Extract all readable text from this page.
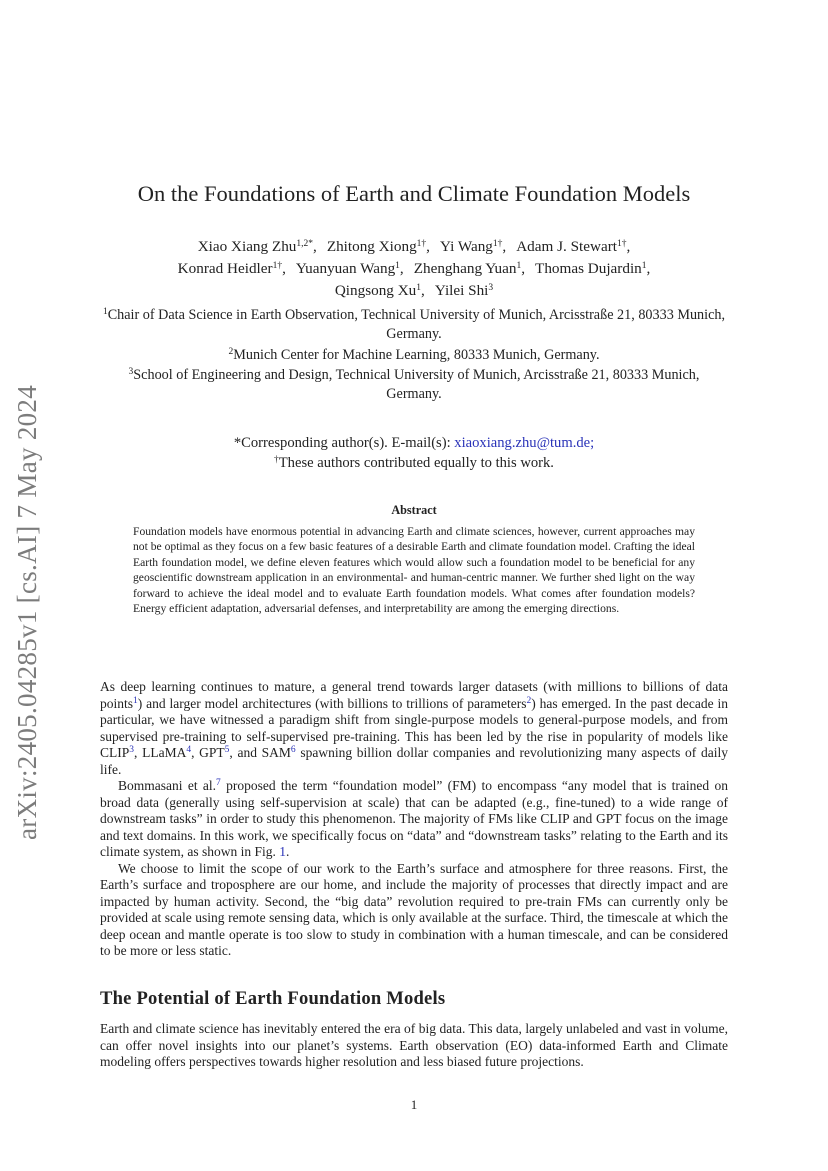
arXiv:2405.04285v1 [cs.AI] 7 May 2024
On the Foundations of Earth and Climate Foundation Models
Xiao Xiang Zhu$^{1,2*}$, Zhitong Xiong$^{1\dagger}$, Yi Wang$^{1\dagger}$, Adam J. Stewart$^{1\dagger}$,
Konrad Heidler$^{1\dagger}$, Yuanyuan Wang$^1$, Zhenghang Yuan$^1$, Thomas Dujardin$^1$,
Qingsong Xu$^1$, Yilei Shi$^3$
$^1$Chair of Data Science in Earth Observation, Technical University of Munich, Arcisstraße 21, 80333 Munich, Germany.
$^2$Munich Center for Machine Learning, 80333 Munich, Germany.
$^3$School of Engineering and Design, Technical University of Munich, Arcisstraße 21, 80333 Munich, Germany.
*Corresponding author(s). E-mail(s): xiaoxiang.zhu@tum.de;
†These authors contributed equally to this work.
Abstract
Foundation models have enormous potential in advancing Earth and climate sciences, however, current approaches may not be optimal as they focus on a few basic features of a desirable Earth and climate foundation model. Crafting the ideal Earth foundation model, we define eleven features which would allow such a foundation model to be beneficial for any geoscientific downstream application in an environmental- and human-centric manner. We further shed light on the way forward to achieve the ideal model and to evaluate Earth foundation models. What comes after foundation models? Energy efficient adaptation, adversarial defenses, and interpretability are among the emerging directions.

As deep learning continues to mature, a general trend towards larger datasets (with millions to billions of data points$^1$) and larger model architectures (with billions to trillions of parameters$^2$) has emerged. In the past decade in particular, we have witnessed a paradigm shift from single-purpose models to general-purpose models, and from supervised pre-training to self-supervised pre-training. This has been led by the rise in popularity of models like CLIP$^3$, LLaMA$^4$, GPT$^5$, and SAM$^6$ spawning billion dollar companies and revolutionizing many aspects of daily life.

Bommasani et al.$^7$ proposed the term “foundation model” (FM) to encompass “any model that is trained on broad data (generally using self-supervision at scale) that can be adapted (e.g., fine-tuned) to a wide range of downstream tasks” in order to study this phenomenon. The majority of FMs like CLIP and GPT focus on the image and text domains. In this work, we specifically focus on “data” and “downstream tasks” relating to the Earth and its climate system, as shown in Fig. 1.

We choose to limit the scope of our work to the Earth’s surface and atmosphere for three reasons. First, the Earth’s surface and troposphere are our home, and include the majority of processes that directly impact and are impacted by human activity. Second, the “big data” revolution required to pre-train FMs can currently only be provided at scale using remote sensing data, which is only available at the surface. Third, the timescale at which the deep ocean and mantle operate is too slow to study in combination with a human timescale, and can be considered to be more or less static.

The Potential of Earth Foundation Models

Earth and climate science has inevitably entered the era of big data. This data, largely unlabeled and vast in volume, can offer novel insights into our planet’s systems. Earth observation (EO) data-informed Earth and Climate modeling offers perspectives towards higher resolution and less biased future projections.

1
